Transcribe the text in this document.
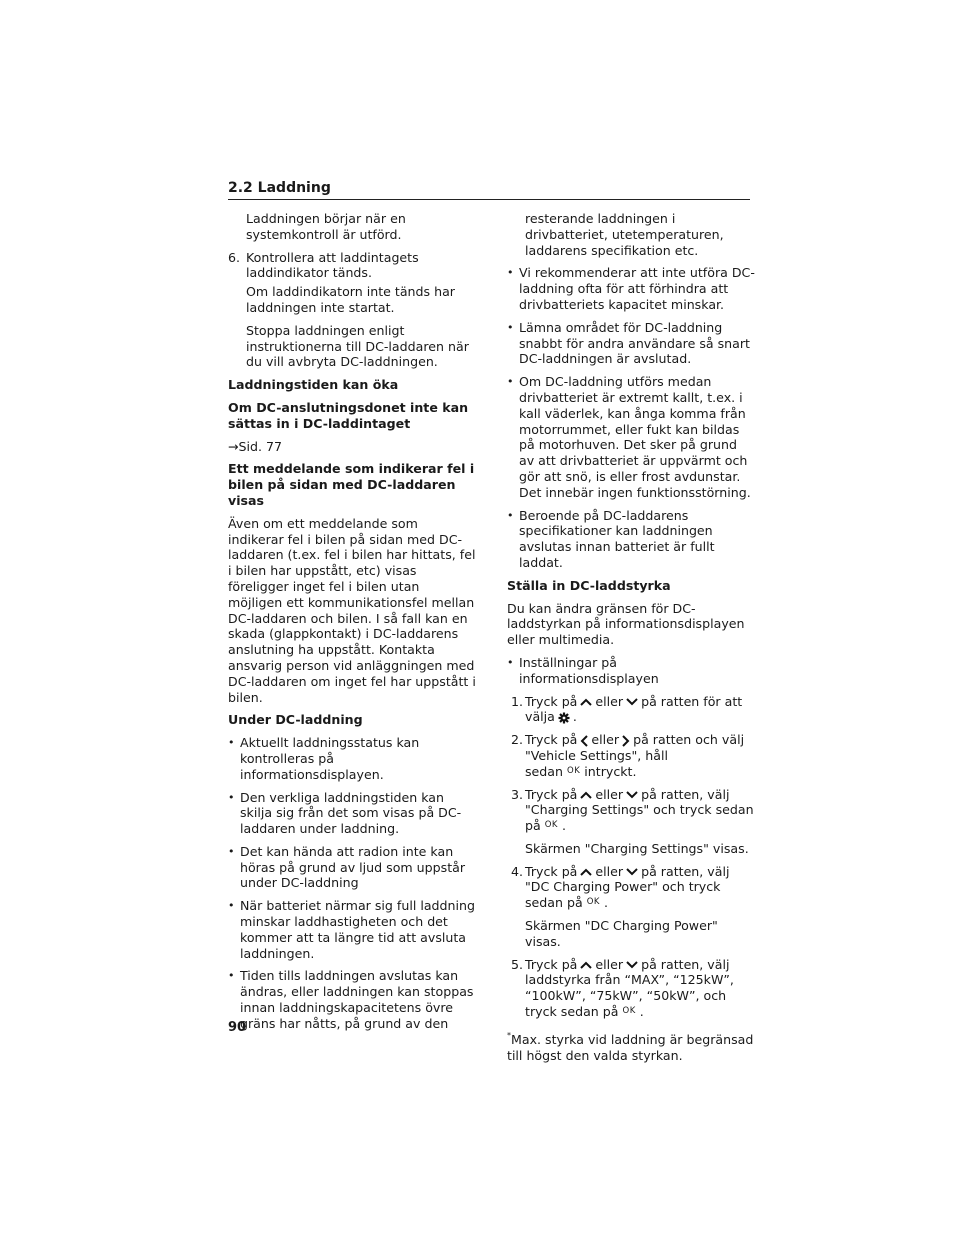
2.2 Laddning
Laddningen börjar när en systemkontroll är utförd.
6. Kontrollera att laddintagets laddindikator tänds.
Om laddindikatorn inte tänds har laddningen inte startat.
Stoppa laddningen enligt instruktionerna till DC-laddaren när du vill avbryta DC-laddningen.
Laddningstiden kan öka
Om DC-anslutningsdonet inte kan sättas in i DC-laddintaget
→Sid. 77
Ett meddelande som indikerar fel i bilen på sidan med DC-laddaren visas
Även om ett meddelande som indikerar fel i bilen på sidan med DC-laddaren (t.ex. fel i bilen har hittats, fel i bilen har uppstått, etc) visas föreligger inget fel i bilen utan möjligen ett kommunikationsfel mellan DC-laddaren och bilen. I så fall kan en skada (glappkontakt) i DC-laddarens anslutning ha uppstått. Kontakta ansvarig person vid anläggningen med DC-laddaren om inget fel har uppstått i bilen.
Under DC-laddning
• Aktuellt laddningsstatus kan kontrolleras på informationsdisplayen.
• Den verkliga laddningstiden kan skilja sig från det som visas på DC-laddaren under laddning.
• Det kan hända att radion inte kan höras på grund av ljud som uppstår under DC-laddning
• När batteriet närmar sig full laddning minskar laddhastigheten och det kommer att ta längre tid att avsluta laddningen.
• Tiden tills laddningen avslutas kan ändras, eller laddningen kan stoppas innan laddningskapacitetens övre gräns har nåtts, på grund av den
resterande laddningen i drivbatteriet, utetemperaturen, laddarens specifikation etc.
• Vi rekommenderar att inte utföra DC-laddning ofta för att förhindra att drivbatteriets kapacitet minskar.
• Lämna området för DC-laddning snabbt för andra användare så snart DC-laddningen är avslutad.
• Om DC-laddning utförs medan drivbatteriet är extremt kallt, t.ex. i kall väderlek, kan ånga komma från motorrummet, eller fukt kan bildas på motorhuven. Det sker på grund av att drivbatteriet är uppvärmt och gör att snö, is eller frost avdunstar. Det innebär ingen funktionsstörning.
• Beroende på DC-laddarens specifikationer kan laddningen avslutas innan batteriet är fullt laddat.
Ställa in DC-laddstyrka
Du kan ändra gränsen för DC-laddstyrkan på informationsdisplayen eller multimedia.
• Inställningar på informationsdisplayen
1. Tryck på eller på ratten för att välja .
2. Tryck på eller på ratten och välj "Vehicle Settings", håll sedan $^{OK}$ intryckt.
3. Tryck på eller på ratten, välj "Charging Settings" och tryck sedan på $^{OK}$ .
Skärmen "Charging Settings" visas.
4. Tryck på eller på ratten, välj "DC Charging Power" och tryck sedan på $^{OK}$ .
Skärmen "DC Charging Power" visas.
5. Tryck på eller på ratten, välj laddstyrka från “MAX”, “125kW”, “100kW”, “75kW”, “50kW”, och tryck sedan på $^{OK}$ .
*Max. styrka vid laddning är begränsad till högst den valda styrkan.
90
